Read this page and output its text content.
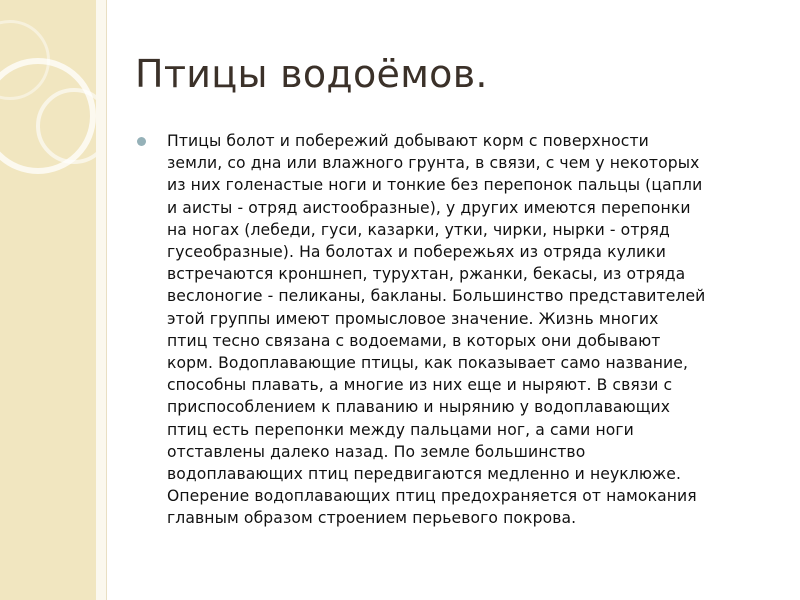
Птицы водоёмов.
Птицы болот и побережий добывают корм с поверхности
земли, со дна или влажного грунта, в связи, с чем у некоторых
из них голенастые ноги и тонкие без перепонок пальцы (цапли
и аисты - отряд аистообразные), у других имеются перепонки
на ногах (лебеди, гуси, казарки, утки, чирки, нырки - отряд
гусеобразные). На болотах и побережьях из отряда кулики
встречаются кроншнеп, турухтан, ржанки, бекасы, из отряда
веслоногие - пеликаны, бакланы. Большинство представителей
этой группы имеют промысловое значение. Жизнь многих
птиц тесно связана с водоемами, в которых они добывают
корм. Водоплавающие птицы, как показывает само название,
способны плавать, а многие из них еще и ныряют. В связи с
приспособлением к плаванию и нырянию у водоплавающих
птиц есть перепонки между пальцами ног, а сами ноги
отставлены далеко назад. По земле большинство
водоплавающих птиц передвигаются медленно и неуклюже.
Оперение водоплавающих птиц предохраняется от намокания
главным образом строением перьевого покрова.
